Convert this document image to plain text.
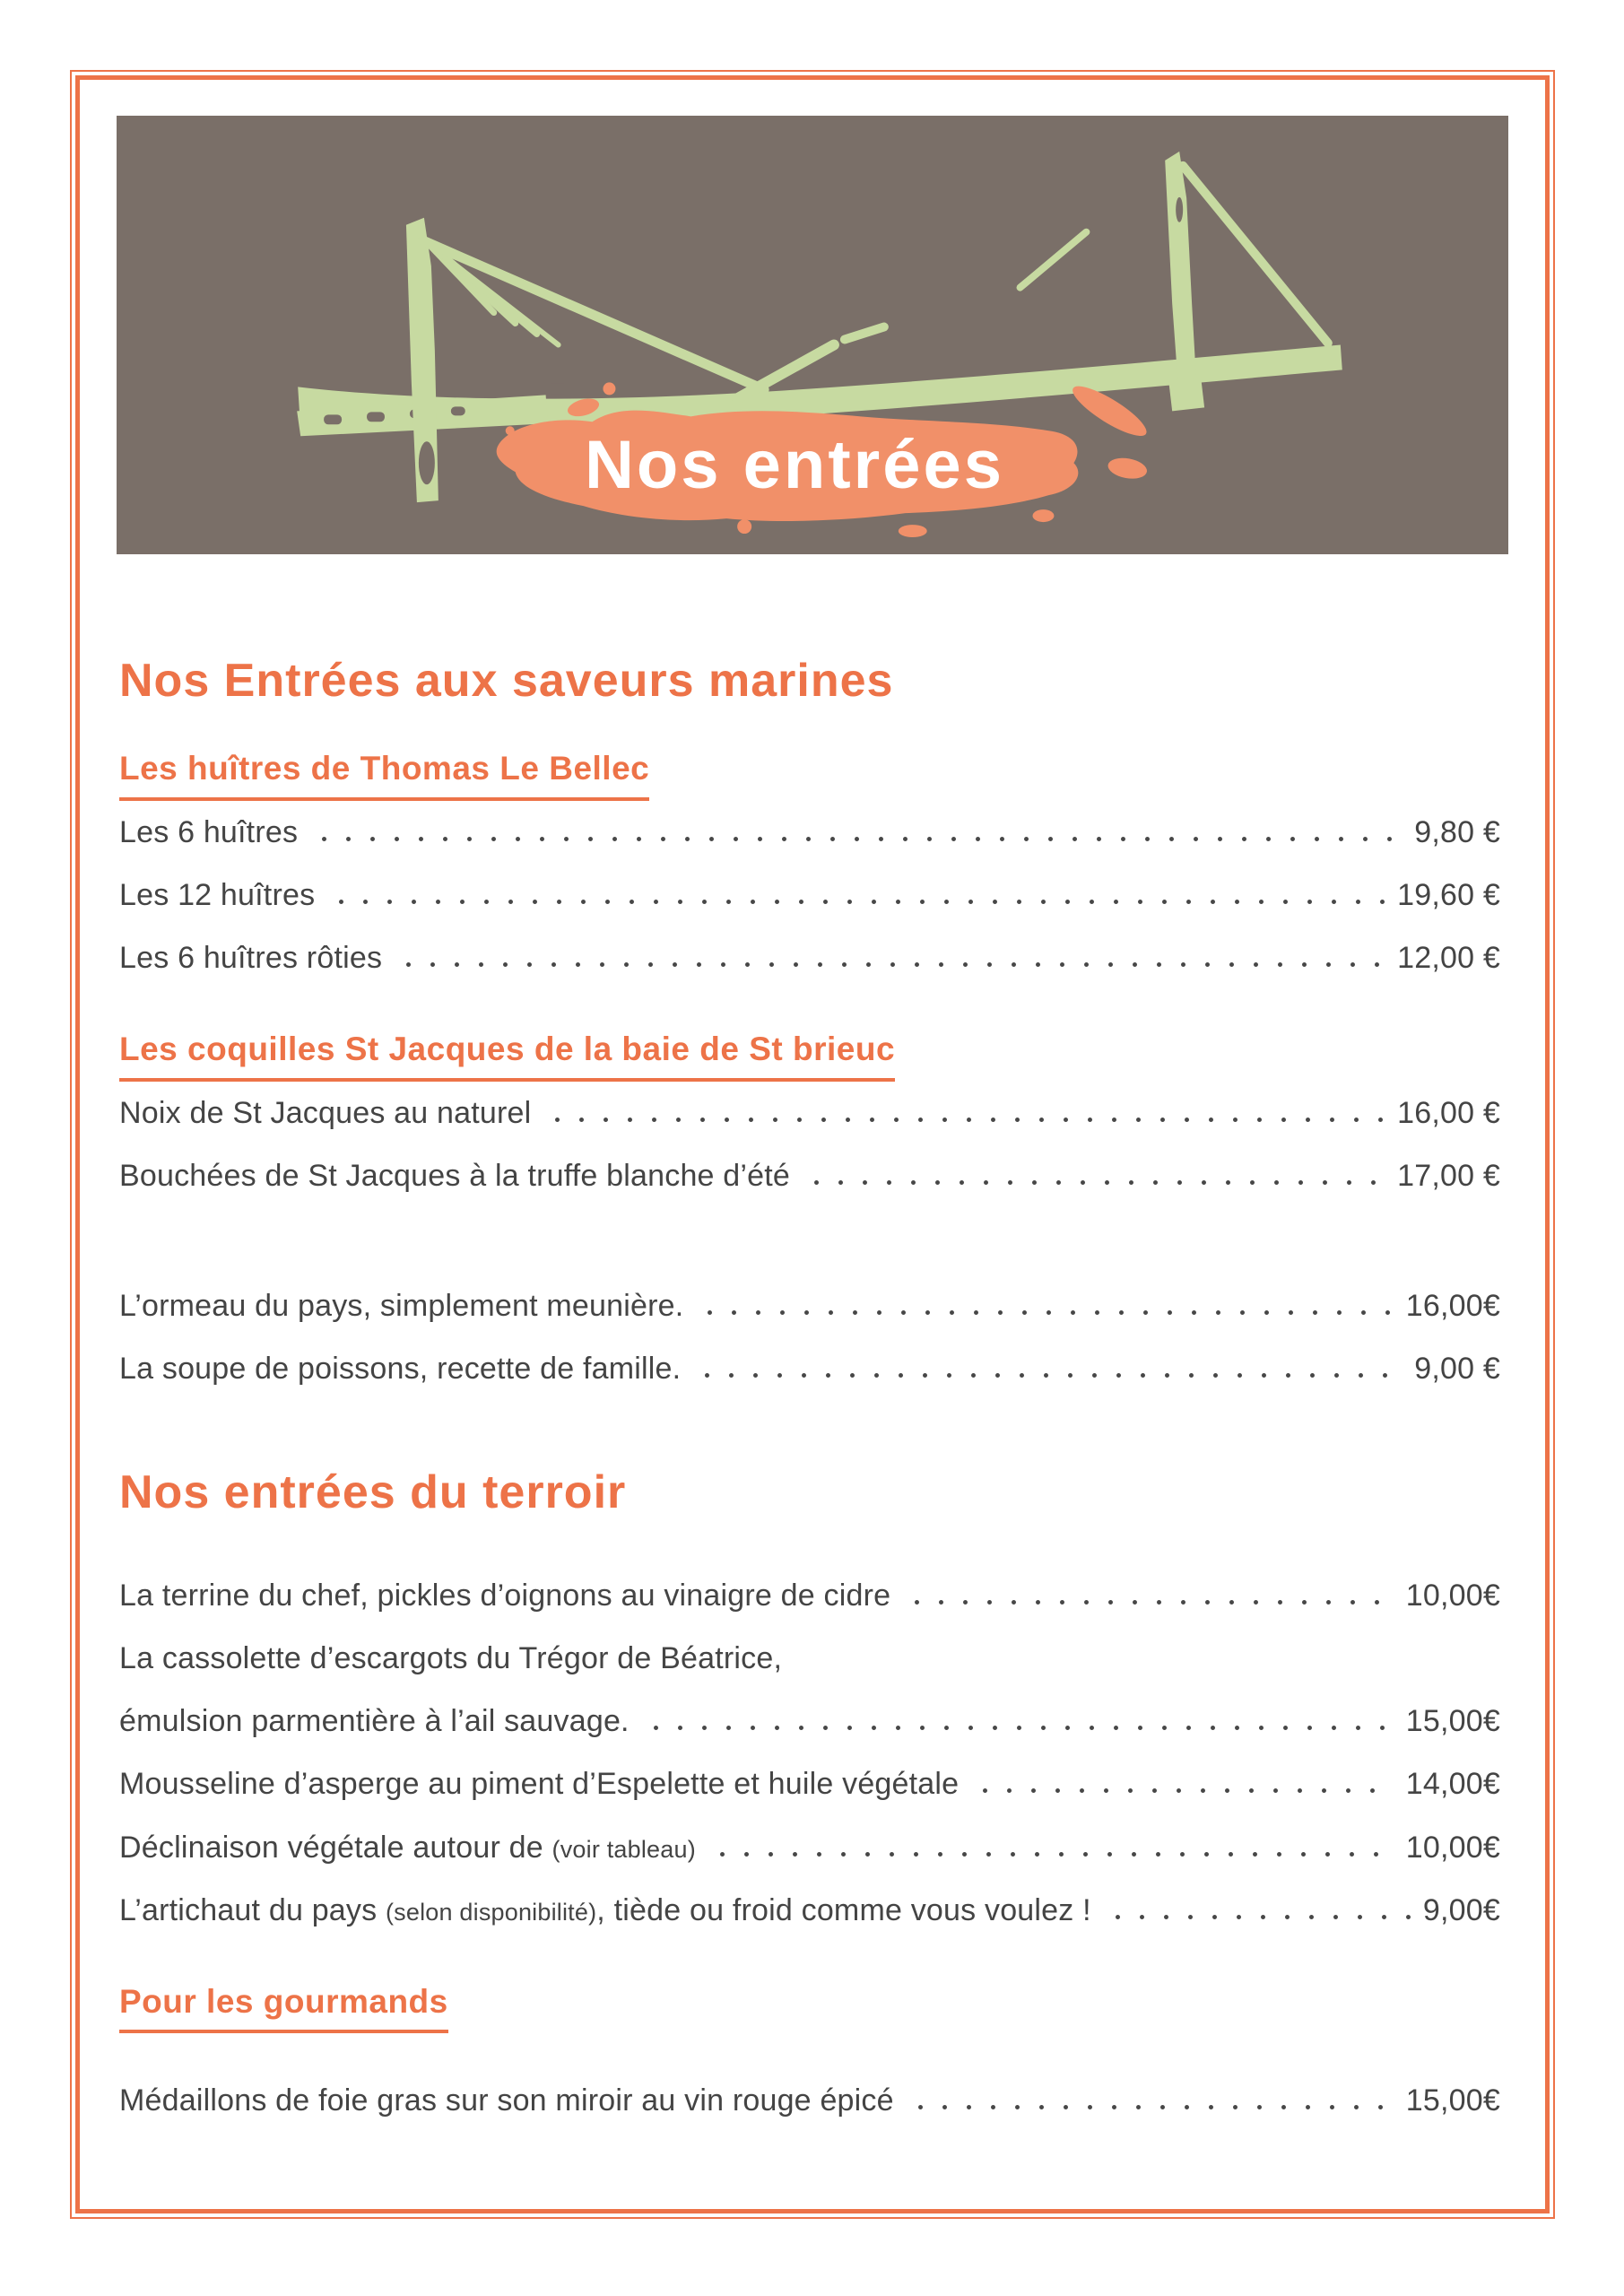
Nos entrées
Nos Entrées aux saveurs marines
Les huîtres de Thomas Le Bellec
Les 6 huîtres	9,80 €
Les 12 huîtres	19,60 €
Les 6 huîtres rôties	12,00 €
Les coquilles St Jacques de la baie de St brieuc
Noix de St Jacques au naturel	16,00 €
Bouchées de St Jacques à la truffe blanche d’été	17,00 €
L’ormeau du pays, simplement meunière.	16,00€
La soupe de poissons, recette de famille.	9,00 €
Nos entrées du terroir
La terrine du chef, pickles d’oignons au vinaigre de cidre	10,00€
La cassolette d’escargots du Trégor de Béatrice,
émulsion parmentière à l’ail sauvage.	15,00€
Mousseline d’asperge au piment d’Espelette et huile végétale	14,00€
Déclinaison végétale autour de (voir tableau)	10,00€
L’artichaut du pays (selon disponibilité), tiède ou froid comme vous voulez !	9,00€
Pour les gourmands
Médaillons de foie gras sur son miroir au vin rouge épicé	15,00€
